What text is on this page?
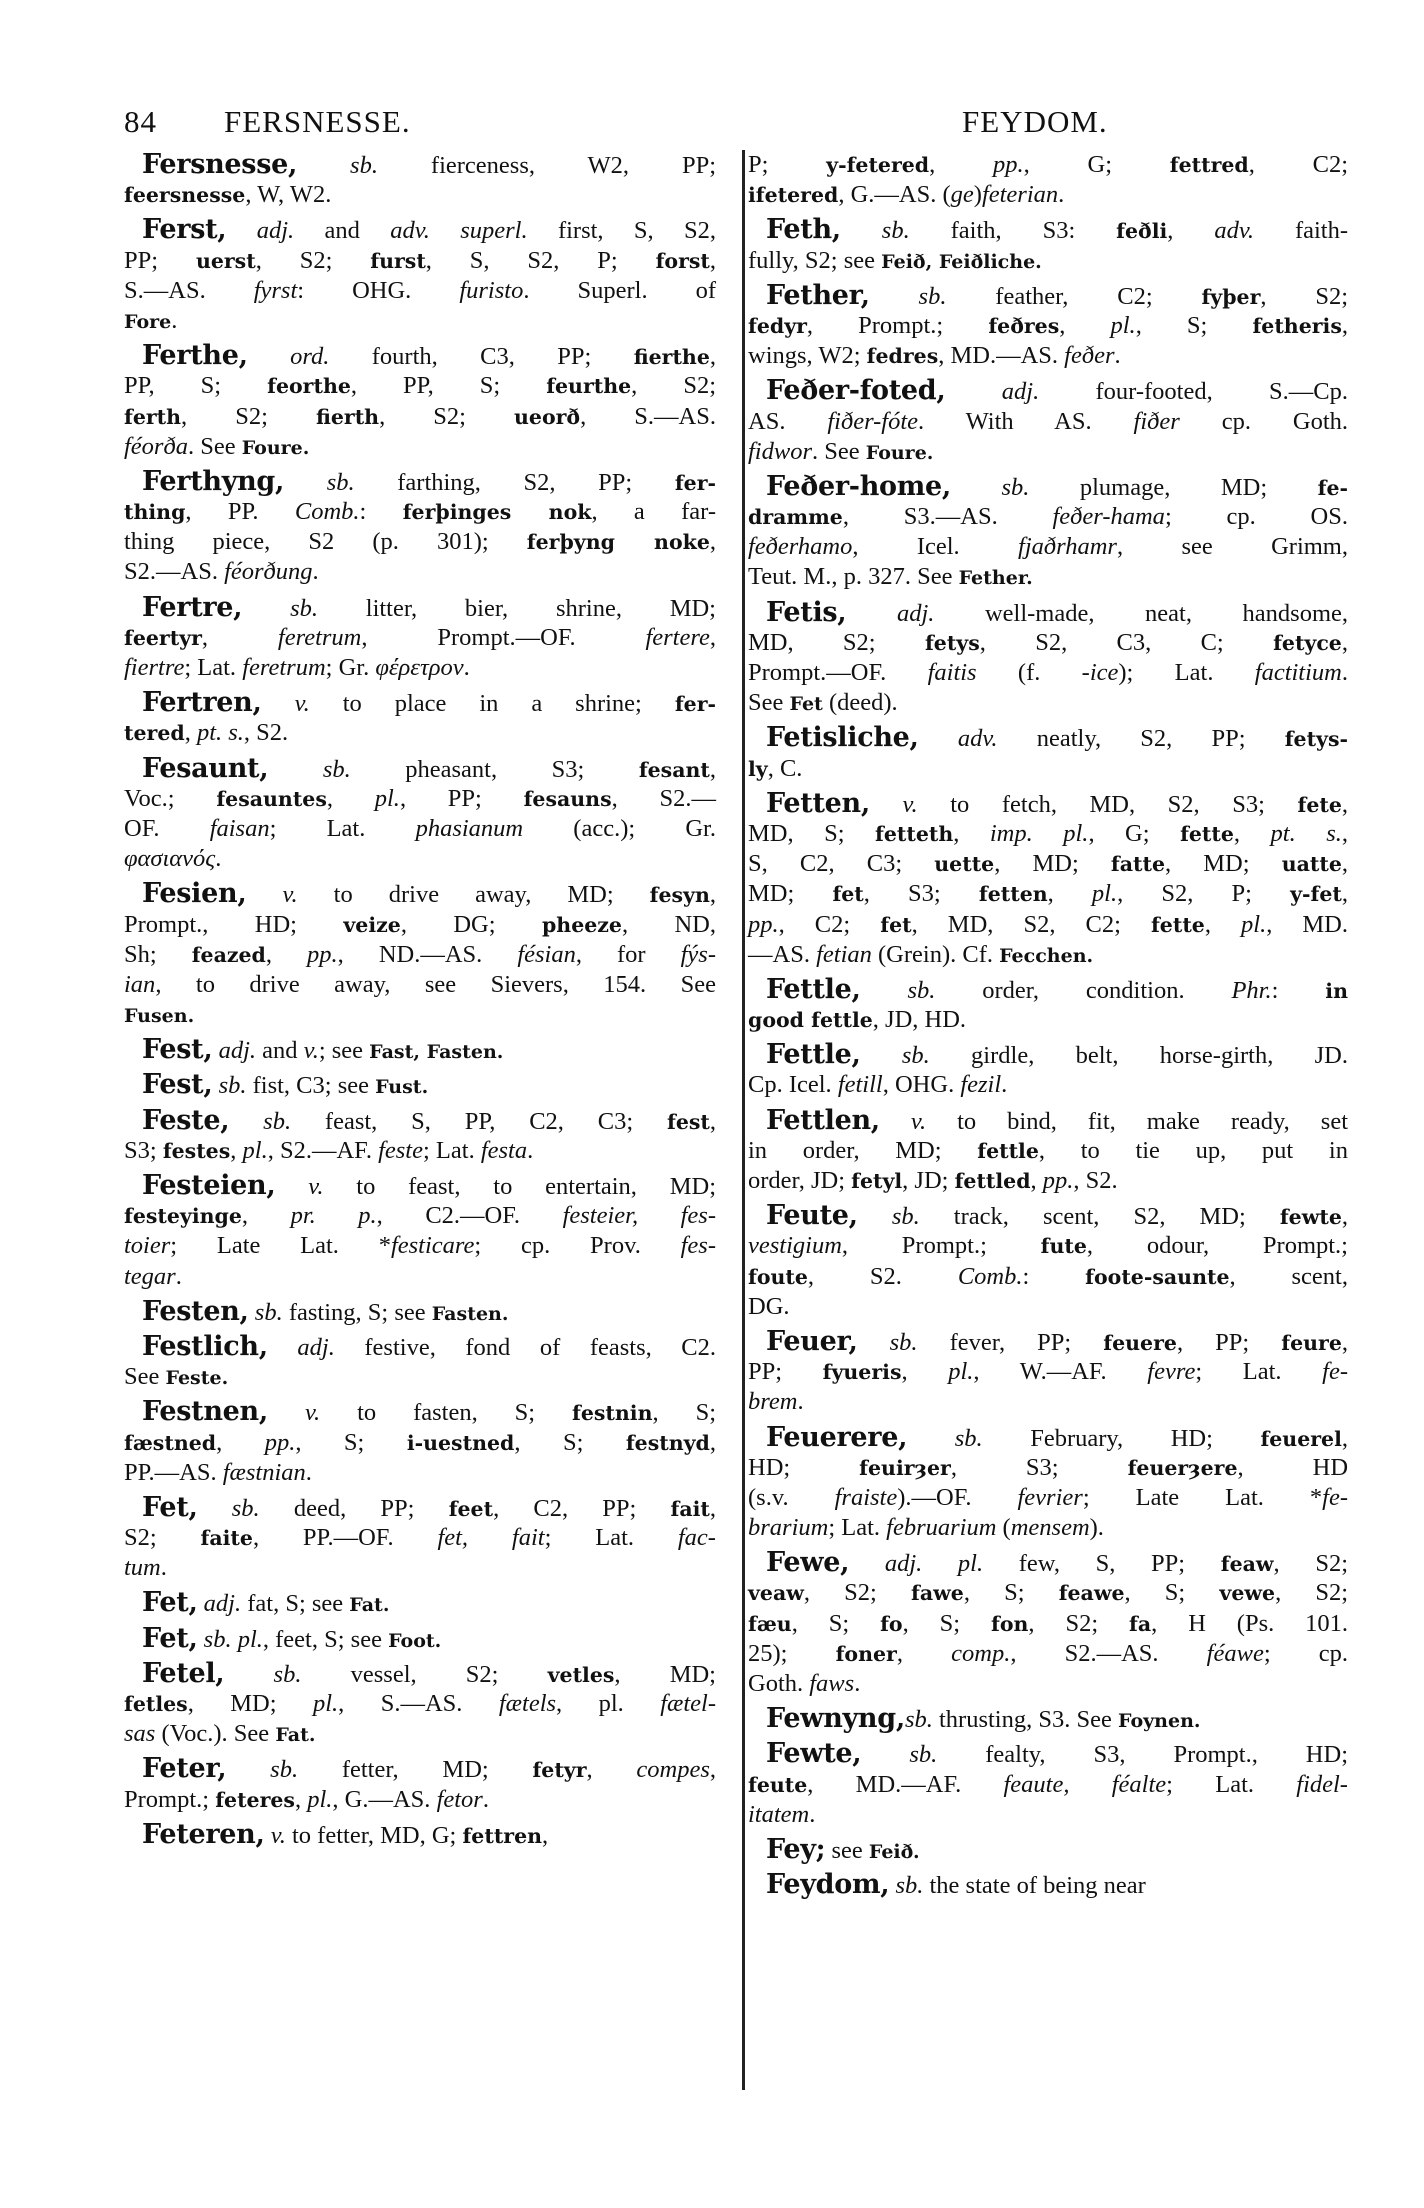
84 FERSNESSE.	FEYDOM.
Fersnesse, sb. fierceness, W2, PP;
feersnesse, W, W2.
Ferst, adj. and adv. superl. first, S, S2,
PP; uerst, S2; furst, S, S2, P; forst,
S.—AS. fyrst: OHG. furisto. Superl. of
Fore.
Ferthe, ord. fourth, C3, PP; fierthe,
PP, S; feorthe, PP, S; feurthe, S2;
ferth, S2; fierth, S2; ueorð, S.—AS.
féorða. See Foure.
Ferthyng, sb. farthing, S2, PP; fer-
thing, PP. Comb.: ferþinges nok, a far-
thing piece, S2 (p. 301); ferþyng noke,
S2.—AS. féorðung.
Fertre, sb. litter, bier, shrine, MD;
feertyr, feretrum, Prompt.—OF. fertere,
fiertre; Lat. feretrum; Gr. φέρετρον.
Fertren, v. to place in a shrine; fer-
tered, pt. s., S2.
Fesaunt, sb. pheasant, S3; fesant,
Voc.; fesauntes, pl., PP; fesauns, S2.—
OF. faisan; Lat. phasianum (acc.); Gr.
φασιανός.
Fesien, v. to drive away, MD; fesyn,
Prompt., HD; veize, DG; pheeze, ND,
Sh; feazed, pp., ND.—AS. fésian, for fýs-
ian, to drive away, see Sievers, 154. See
Fusen.
Fest, adj. and v.; see Fast, Fasten.
Fest, sb. fist, C3; see Fust.
Feste, sb. feast, S, PP, C2, C3; fest,
S3; festes, pl., S2.—AF. feste; Lat. festa.
Festeien, v. to feast, to entertain, MD;
festeyinge, pr. p., C2.—OF. festeier, fes-
toier; Late Lat. *festicare; cp. Prov. fes-
tegar.
Festen, sb. fasting, S; see Fasten.
Festlich, adj. festive, fond of feasts, C2.
See Feste.
Festnen, v. to fasten, S; festnin, S;
fæstned, pp., S; i-uestned, S; festnyd,
PP.—AS. fæstnian.
Fet, sb. deed, PP; feet, C2, PP; fait,
S2; faite, PP.—OF. fet, fait; Lat. fac-
tum.
Fet, adj. fat, S; see Fat.
Fet, sb. pl., feet, S; see Foot.
Fetel, sb. vessel, S2; vetles, MD;
fetles, MD; pl., S.—AS. fætels, pl. fætel-
sas (Voc.). See Fat.
Feter, sb. fetter, MD; fetyr, compes,
Prompt.; feteres, pl., G.—AS. fetor.
Feteren, v. to fetter, MD, G; fettren,
P; y-fetered, pp., G; fettred, C2;
ifetered, G.—AS. (ge)feterian.
Feth, sb. faith, S3: feðli, adv. faith-
fully, S2; see Feið, Feiðliche.
Fether, sb. feather, C2; fyþer, S2;
fedyr, Prompt.; feðres, pl., S; fetheris,
wings, W2; fedres, MD.—AS. feðer.
Feðer-foted, adj. four-footed, S.—Cp.
AS. fiðer-fóte. With AS. fiðer cp. Goth.
fidwor. See Foure.
Feðer-home, sb. plumage, MD; fe-
dramme, S3.—AS. feðer-hama; cp. OS.
feðerhamo, Icel. fjaðrhamr, see Grimm,
Teut. M., p. 327. See Fether.
Fetis, adj. well-made, neat, handsome,
MD, S2; fetys, S2, C3, C; fetyce,
Prompt.—OF. faitis (f. -ice); Lat. factitium.
See Fet (deed).
Fetisliche, adv. neatly, S2, PP; fetys-
ly, C.
Fetten, v. to fetch, MD, S2, S3; fete,
MD, S; fetteth, imp. pl., G; fette, pt. s.,
S, C2, C3; uette, MD; fatte, MD; uatte,
MD; fet, S3; fetten, pl., S2, P; y-fet,
pp., C2; fet, MD, S2, C2; fette, pl., MD.
—AS. fetian (Grein). Cf. Fecchen.
Fettle, sb. order, condition. Phr.: in
good fettle, JD, HD.
Fettle, sb. girdle, belt, horse-girth, JD.
Cp. Icel. fetill, OHG. fezil.
Fettlen, v. to bind, fit, make ready, set
in order, MD; fettle, to tie up, put in
order, JD; fetyl, JD; fettled, pp., S2.
Feute, sb. track, scent, S2, MD; fewte,
vestigium, Prompt.; fute, odour, Prompt.;
foute, S2. Comb.: foote-saunte, scent,
DG.
Feuer, sb. fever, PP; feuere, PP; feure,
PP; fyueris, pl., W.—AF. fevre; Lat. fe-
brem.
Feuerere, sb. February, HD; feuerel,
HD; feuirȝer, S3; feuerȝere, HD
(s.v. fraiste).—OF. fevrier; Late Lat. *fe-
brarium; Lat. februarium (mensem).
Fewe, adj. pl. few, S, PP; feaw, S2;
veaw, S2; fawe, S; feawe, S; vewe, S2;
fæu, S; fo, S; fon, S2; fa, H (Ps. 101.
25); foner, comp., S2.—AS. féawe; cp.
Goth. faws.
Fewnyng,sb. thrusting, S3. See Foynen.
Fewte, sb. fealty, S3, Prompt., HD;
feute, MD.—AF. feaute, féalte; Lat. fidel-
itatem.
Fey; see Feið.
Feydom, sb. the state of being near
